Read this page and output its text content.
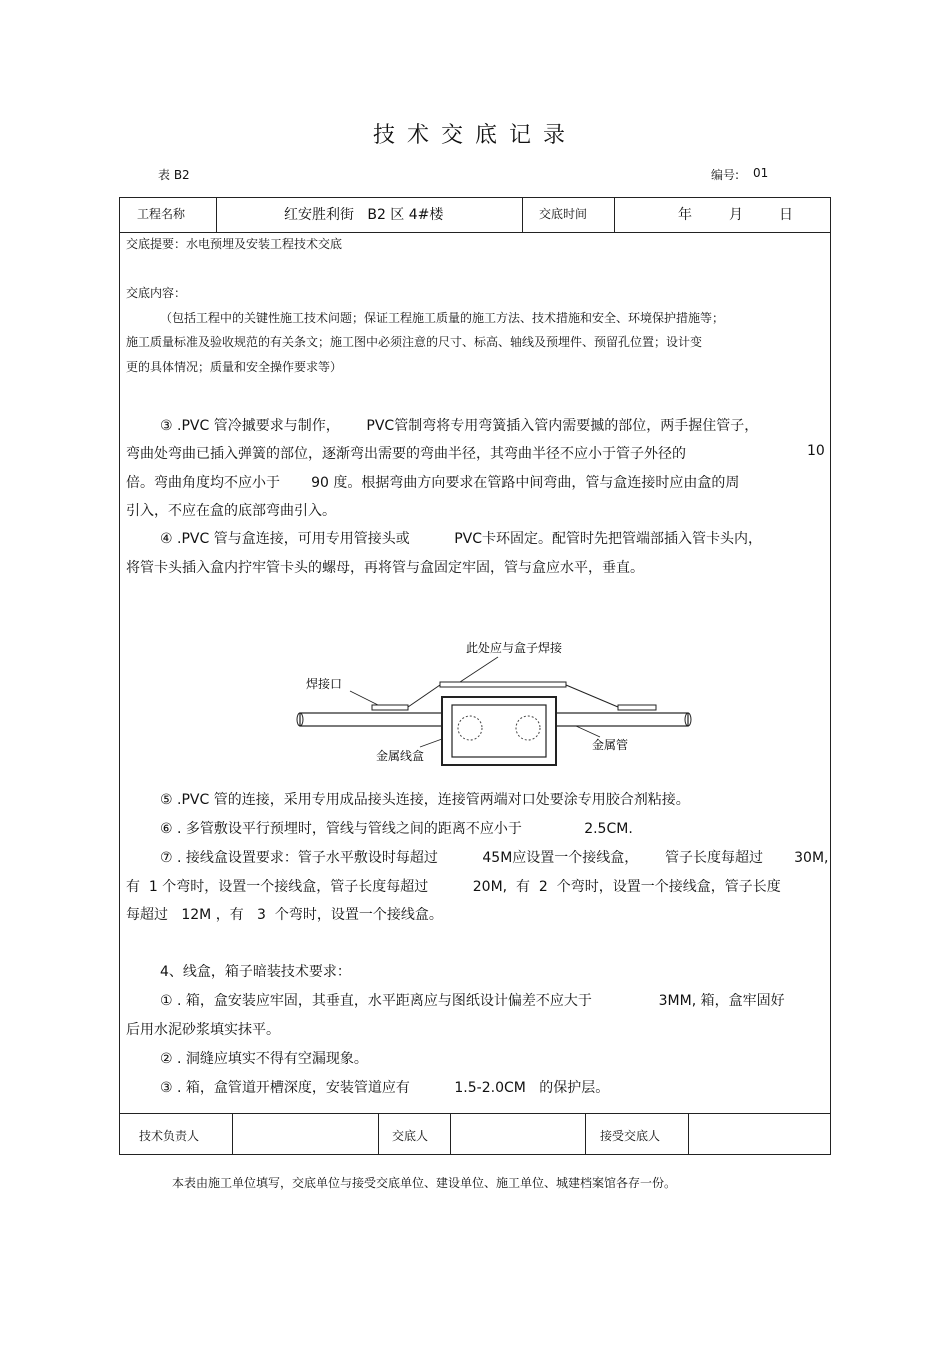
技术交底记录
表 B2	编号: 01
工程名称	红安胜利街   B2 区 4#楼	交底时间	年	月	日
交底提要：水电预埋及安装工程技术交底
交底内容：
（包括工程中的关键性施工技术问题；保证工程施工质量的施工方法、技术措施和安全、环境保护措施等；
施工质量标准及验收规范的有关条文；施工图中必须注意的尺寸、标高、轴线及预埋件、预留孔位置；设计变
更的具体情况；质量和安全操作要求等）
③ .PVC 管冷摵要求与制作，      PVC管制弯将专用弯簧插入管内需要摵的部位，两手握住管子，
弯曲处弯曲已插入弹簧的部位，逐渐弯出需要的弯曲半径，其弯曲半径不应小于管子外径的	10
倍。弯曲角度均不应小于       90 度。根据弯曲方向要求在管路中间弯曲，管与盒连接时应由盒的周
引入，不应在盒的底部弯曲引入。
④ .PVC 管与盒连接，可用专用管接头或          PVC卡环固定。配管时先把管端部插入管卡头内，
将管卡头插入盒内拧牢管卡头的螺母，再将管与盒固定牢固，管与盒应水平，垂直。
此处应与盒子焊接
焊接口
金属线盒
金属管
⑤ .PVC 管的连接，采用专用成品接头连接，连接管两端对口处要涂专用胶合剂粘接。
⑥ . 多管敷设平行预埋时，管线与管线之间的距离不应小于              2.5CM.
⑦ . 接线盒设置要求：管子水平敷设时每超过          45M应设置一个接线盒，      管子长度每超过       30M,
有  1 个弯时，设置一个接线盒，管子长度每超过          20M,  有  2  个弯时，设置一个接线盒，管子长度
每超过   12M ，有   3  个弯时，设置一个接线盒。
4、线盒，箱子暗装技术要求：
① . 箱，盒安装应牢固，其垂直，水平距离应与图纸设计偏差不应大于               3MM, 箱，盒牢固好
后用水泥砂浆填实抹平。
② . 洞缝应填实不得有空漏现象。
③ . 箱，盒管道开槽深度，安装管道应有          1.5-2.0CM   的保护层。
技术负责人	交底人	接受交底人
本表由施工单位填写，交底单位与接受交底单位、建设单位、施工单位、城建档案馆各存一份。
